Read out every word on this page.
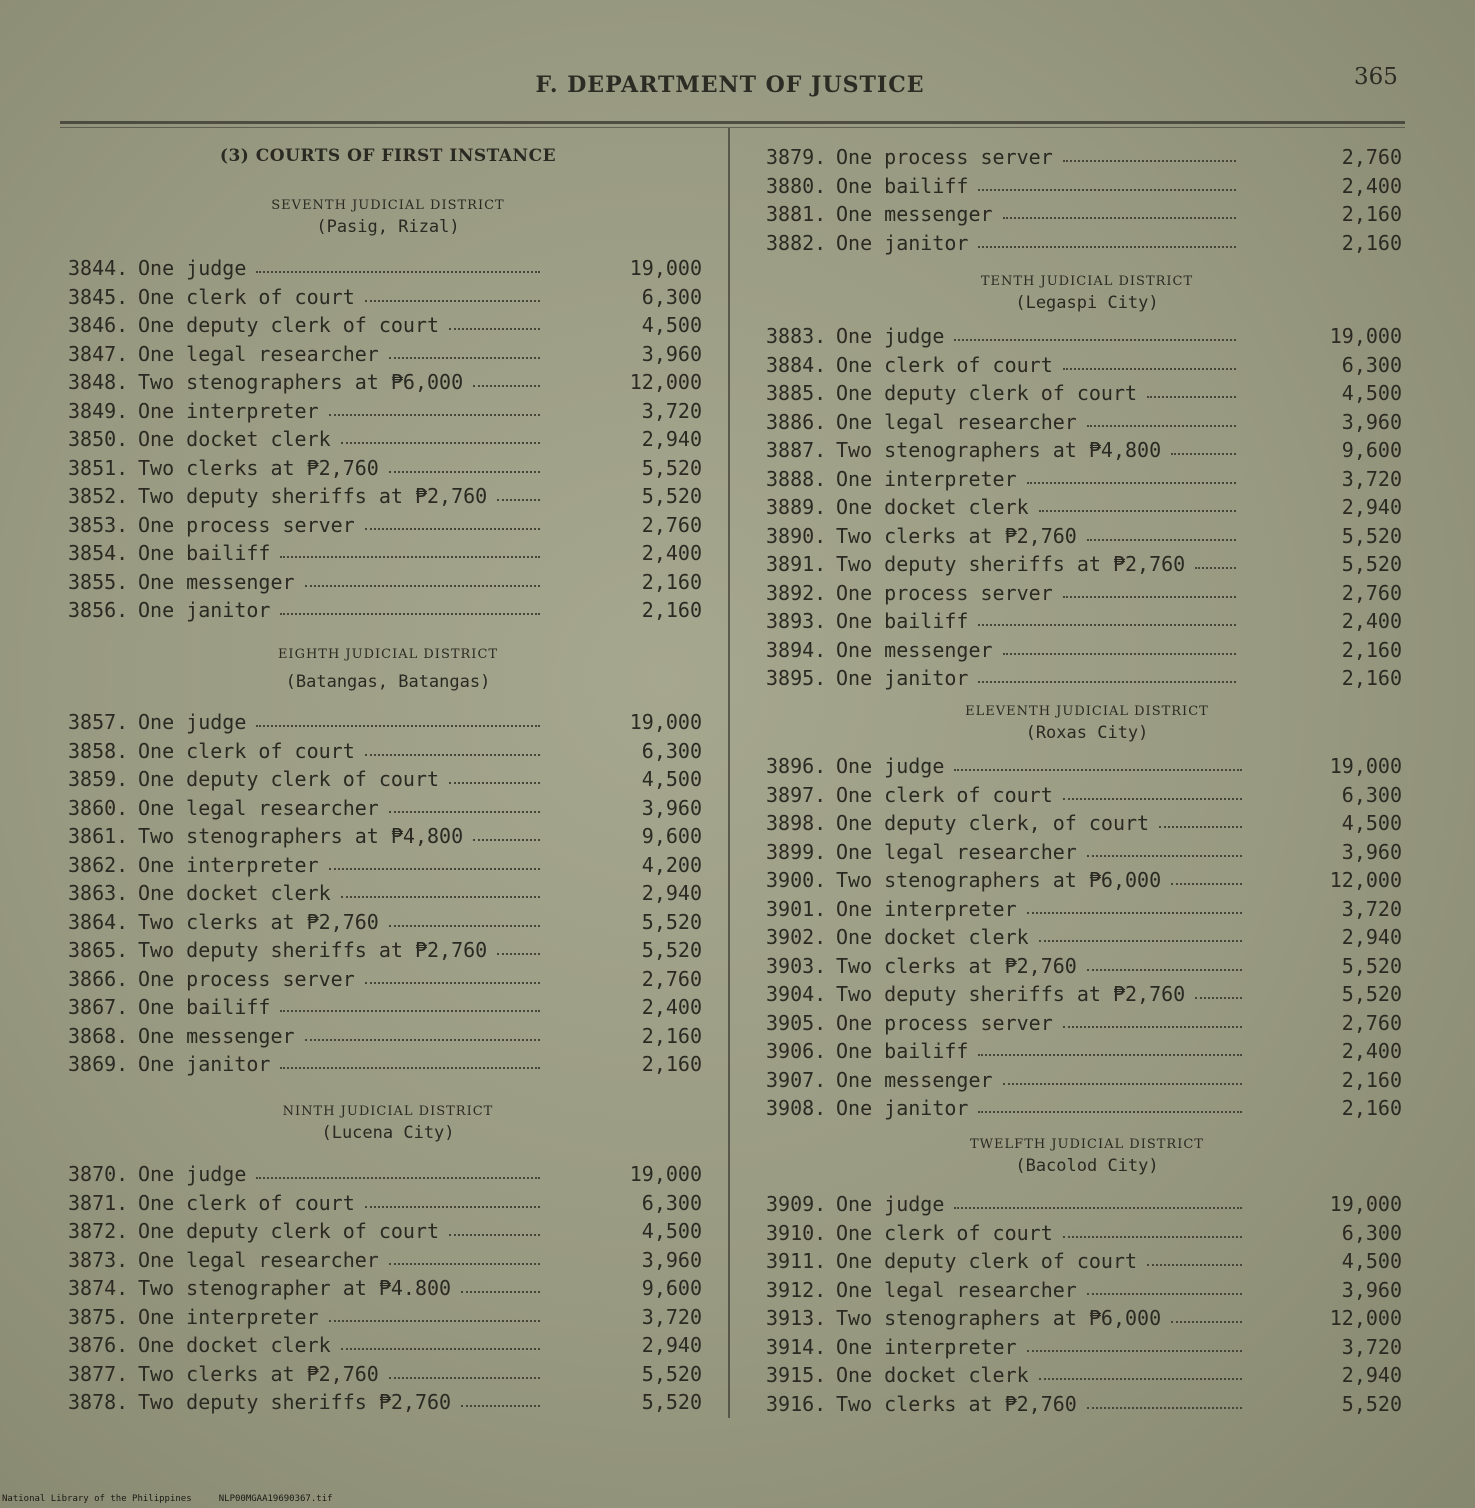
F. DEPARTMENT OF JUSTICE	365
(3) COURTS OF FIRST INSTANCE
SEVENTH JUDICIAL DISTRICT
(Pasig, Rizal)
3844. One judge	19,000
3845. One clerk of court	6,300
3846. One deputy clerk of court	4,500
3847. One legal researcher	3,960
3848. Two stenographers at ₱6,000	12,000
3849. One interpreter	3,720
3850. One docket clerk	2,940
3851. Two clerks at ₱2,760	5,520
3852. Two deputy sheriffs at ₱2,760	5,520
3853. One process server	2,760
3854. One bailiff	2,400
3855. One messenger	2,160
3856. One janitor	2,160
EIGHTH JUDICIAL DISTRICT
(Batangas, Batangas)
3857. One judge	19,000
3858. One clerk of court	6,300
3859. One deputy clerk of court	4,500
3860. One legal researcher	3,960
3861. Two stenographers at ₱4,800	9,600
3862. One interpreter	4,200
3863. One docket clerk	2,940
3864. Two clerks at ₱2,760	5,520
3865. Two deputy sheriffs at ₱2,760	5,520
3866. One process server	2,760
3867. One bailiff	2,400
3868. One messenger	2,160
3869. One janitor	2,160
NINTH JUDICIAL DISTRICT
(Lucena City)
3870. One judge	19,000
3871. One clerk of court	6,300
3872. One deputy clerk of court	4,500
3873. One legal researcher	3,960
3874. Two stenographer at ₱4.800	9,600
3875. One interpreter	3,720
3876. One docket clerk	2,940
3877. Two clerks at ₱2,760	5,520
3878. Two deputy sheriffs ₱2,760	5,520
3879. One process server	2,760
3880. One bailiff	2,400
3881. One messenger	2,160
3882. One janitor	2,160
TENTH JUDICIAL DISTRICT
(Legaspi City)
3883. One judge	19,000
3884. One clerk of court	6,300
3885. One deputy clerk of court	4,500
3886. One legal researcher	3,960
3887. Two stenographers at ₱4,800	9,600
3888. One interpreter	3,720
3889. One docket clerk	2,940
3890. Two clerks at ₱2,760	5,520
3891. Two deputy sheriffs at ₱2,760	5,520
3892. One process server	2,760
3893. One bailiff	2,400
3894. One messenger	2,160
3895. One janitor	2,160
ELEVENTH JUDICIAL DISTRICT
(Roxas City)
3896. One judge	19,000
3897. One clerk of court	6,300
3898. One deputy clerk, of court	4,500
3899. One legal researcher	3,960
3900. Two stenographers at ₱6,000	12,000
3901. One interpreter	3,720
3902. One docket clerk	2,940
3903. Two clerks at ₱2,760	5,520
3904. Two deputy sheriffs at ₱2,760	5,520
3905. One process server	2,760
3906. One bailiff	2,400
3907. One messenger	2,160
3908. One janitor	2,160
TWELFTH JUDICIAL DISTRICT
(Bacolod City)
3909. One judge	19,000
3910. One clerk of court	6,300
3911. One deputy clerk of court	4,500
3912. One legal researcher	3,960
3913. Two stenographers at ₱6,000	12,000
3914. One interpreter	3,720
3915. One docket clerk	2,940
3916. Two clerks at ₱2,760	5,520
National Library of the Philippines     NLP00MGAA19690367.tif
